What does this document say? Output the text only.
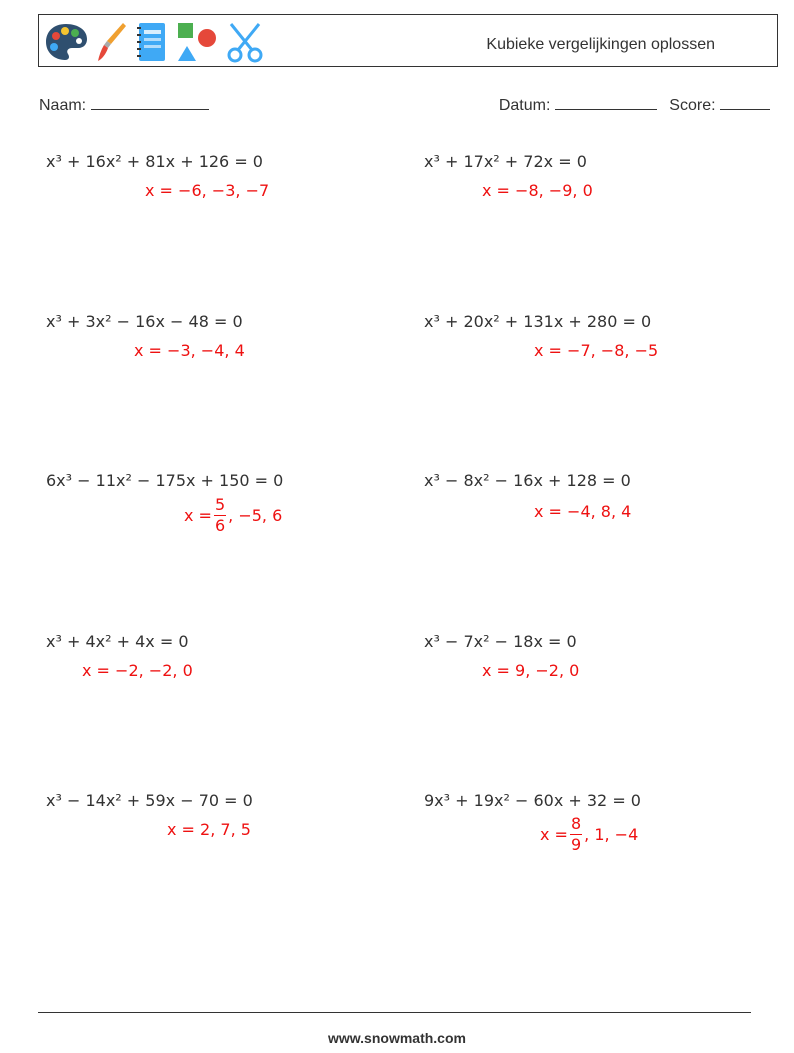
Kubieke vergelijkingen oplossen
Naam:	Datum:	Score:
x³ + 16x² + 81x + 126 = 0
x = −6, −3, −7
x³ + 17x² + 72x = 0
x = −8, −9, 0
x³ + 3x² − 16x − 48 = 0
x = −3, −4, 4
x³ + 20x² + 131x + 280 = 0
x = −7, −8, −5
6x³ − 11x² − 175x + 150 = 0
$x = \frac{5}{6}$ , −5, 6
x³ − 8x² − 16x + 128 = 0
x = −4, 8, 4
x³ + 4x² + 4x = 0
x = −2, −2, 0
x³ − 7x² − 18x = 0
x = 9, −2, 0
x³ − 14x² + 59x − 70 = 0
x = 2, 7, 5
9x³ + 19x² − 60x + 32 = 0
$x = \frac{8}{9}$ , 1, −4
www.snowmath.com
